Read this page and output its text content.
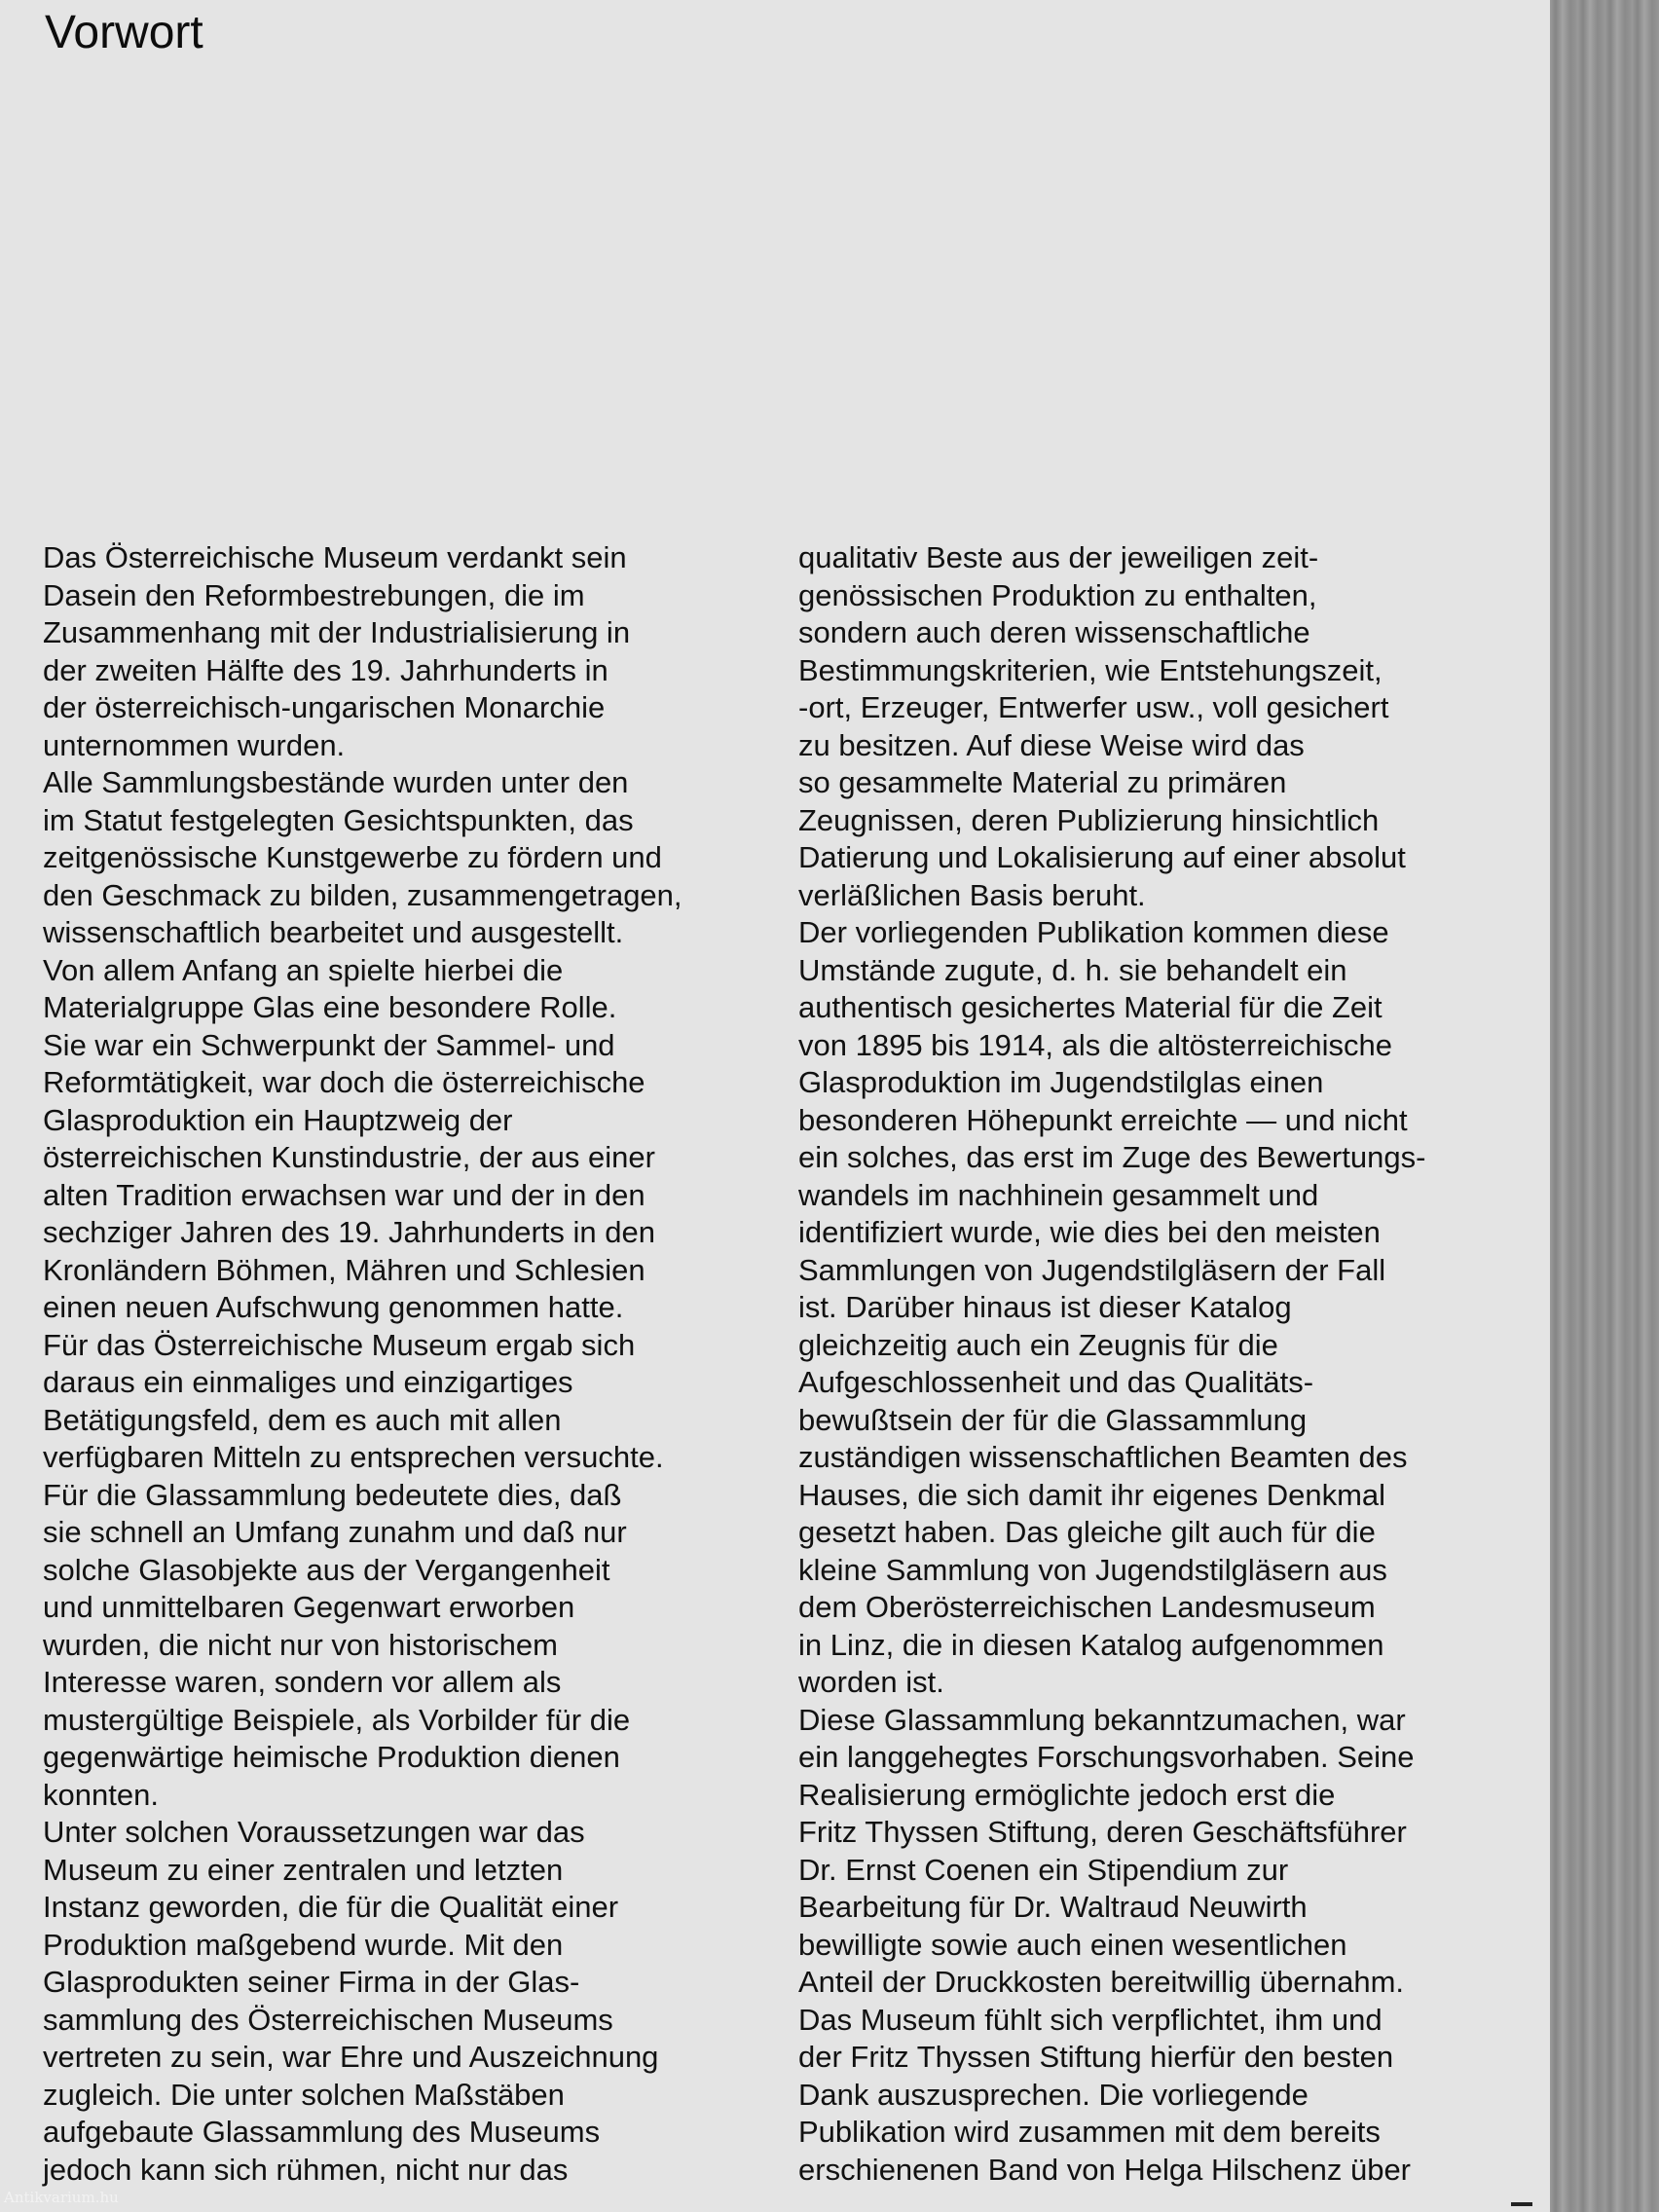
Vorwort

Das Österreichische Museum verdankt sein
Dasein den Reformbestrebungen, die im
Zusammenhang mit der Industrialisierung in
der zweiten Hälfte des 19. Jahrhunderts in
der österreichisch-ungarischen Monarchie
unternommen wurden.

Alle Sammlungsbestände wurden unter den
im Statut festgelegten Gesichtspunkten, das
zeitgenössische Kunstgewerbe zu fördern und
den Geschmack zu bilden, zusammengetragen,
wissenschaftlich bearbeitet und ausgestellt.
Von allem Anfang an spielte hierbei die
Materialgruppe Glas eine besondere Rolle.
Sie war ein Schwerpunkt der Sammel- und
Reformtätigkeit, war doch die österreichische
Glasproduktion ein Hauptzweig der
österreichischen Kunstindustrie, der aus einer
alten Tradition erwachsen war und der in den
sechziger Jahren des 19. Jahrhunderts in den
Kronländern Böhmen, Mähren und Schlesien
einen neuen Aufschwung genommen hatte.
Für das Österreichische Museum ergab sich
daraus ein einmaliges und einzigartiges
Betätigungsfeld, dem es auch mit allen
verfügbaren Mitteln zu entsprechen versuchte.
Für die Glassammlung bedeutete dies, daß
sie schnell an Umfang zunahm und daß nur
solche Glasobjekte aus der Vergangenheit
und unmittelbaren Gegenwart erworben
wurden, die nicht nur von historischem
Interesse waren, sondern vor allem als
mustergültige Beispiele, als Vorbilder für die
gegenwärtige heimische Produktion dienen
konnten.

Unter solchen Voraussetzungen war das
Museum zu einer zentralen und letzten
Instanz geworden, die für die Qualität einer
Produktion maßgebend wurde. Mit den
Glasprodukten seiner Firma in der Glas-
sammlung des Österreichischen Museums
vertreten zu sein, war Ehre und Auszeichnung
zugleich. Die unter solchen Maßstäben
aufgebaute Glassammlung des Museums
jedoch kann sich rühmen, nicht nur das

qualitativ Beste aus der jeweiligen zeit-
genössischen Produktion zu enthalten,
sondern auch deren wissenschaftliche
Bestimmungskriterien, wie Entstehungszeit,
-ort, Erzeuger, Entwerfer usw., voll gesichert
zu besitzen. Auf diese Weise wird das
so gesammelte Material zu primären
Zeugnissen, deren Publizierung hinsichtlich
Datierung und Lokalisierung auf einer absolut
verläßlichen Basis beruht.

Der vorliegenden Publikation kommen diese
Umstände zugute, d. h. sie behandelt ein
authentisch gesichertes Material für die Zeit
von 1895 bis 1914, als die altösterreichische
Glasproduktion im Jugendstilglas einen
besonderen Höhepunkt erreichte — und nicht
ein solches, das erst im Zuge des Bewertungs-
wandels im nachhinein gesammelt und
identifiziert wurde, wie dies bei den meisten
Sammlungen von Jugendstilgläsern der Fall
ist. Darüber hinaus ist dieser Katalog
gleichzeitig auch ein Zeugnis für die
Aufgeschlossenheit und das Qualitäts-
bewußtsein der für die Glassammlung
zuständigen wissenschaftlichen Beamten des
Hauses, die sich damit ihr eigenes Denkmal
gesetzt haben. Das gleiche gilt auch für die
kleine Sammlung von Jugendstilgläsern aus
dem Oberösterreichischen Landesmuseum
in Linz, die in diesen Katalog aufgenommen
worden ist.

Diese Glassammlung bekanntzumachen, war
ein langgehegtes Forschungsvorhaben. Seine
Realisierung ermöglichte jedoch erst die
Fritz Thyssen Stiftung, deren Geschäftsführer
Dr. Ernst Coenen ein Stipendium zur
Bearbeitung für Dr. Waltraud Neuwirth
bewilligte sowie auch einen wesentlichen
Anteil der Druckkosten bereitwillig übernahm.
Das Museum fühlt sich verpflichtet, ihm und
der Fritz Thyssen Stiftung hierfür den besten
Dank auszusprechen. Die vorliegende
Publikation wird zusammen mit dem bereits
erschienenen Band von Helga Hilschenz über

Antikvarium.hu
